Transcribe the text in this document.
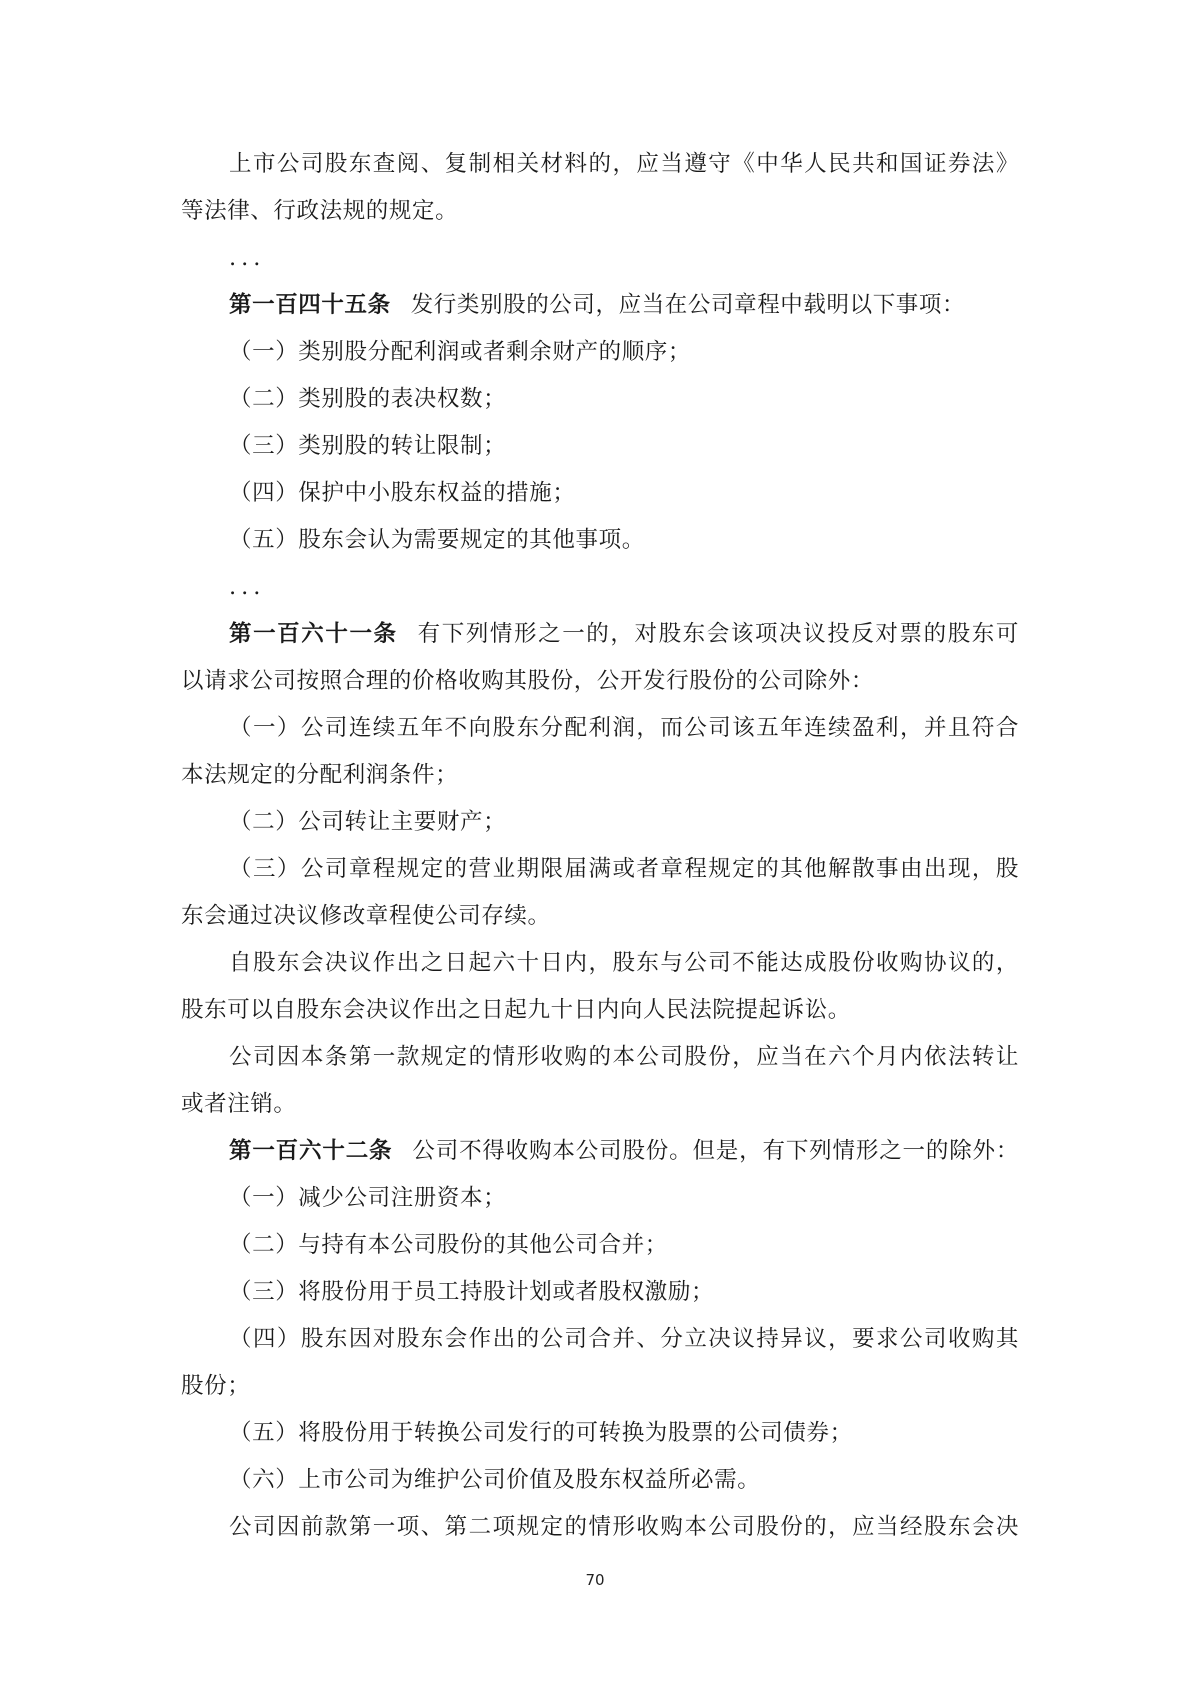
上市公司股东查阅、复制相关材料的，应当遵守《中华人民共和国证券法》
等法律、行政法规的规定。
...
第一百四十五条 发行类别股的公司，应当在公司章程中载明以下事项：
（一）类别股分配利润或者剩余财产的顺序；
（二）类别股的表决权数；
（三）类别股的转让限制；
（四）保护中小股东权益的措施；
（五）股东会认为需要规定的其他事项。
...
第一百六十一条 有下列情形之一的，对股东会该项决议投反对票的股东可
以请求公司按照合理的价格收购其股份，公开发行股份的公司除外：
（一）公司连续五年不向股东分配利润，而公司该五年连续盈利，并且符合
本法规定的分配利润条件；
（二）公司转让主要财产；
（三）公司章程规定的营业期限届满或者章程规定的其他解散事由出现，股
东会通过决议修改章程使公司存续。
自股东会决议作出之日起六十日内，股东与公司不能达成股份收购协议的，
股东可以自股东会决议作出之日起九十日内向人民法院提起诉讼。
公司因本条第一款规定的情形收购的本公司股份，应当在六个月内依法转让
或者注销。
第一百六十二条 公司不得收购本公司股份。但是，有下列情形之一的除外：
（一）减少公司注册资本；
（二）与持有本公司股份的其他公司合并；
（三）将股份用于员工持股计划或者股权激励；
（四）股东因对股东会作出的公司合并、分立决议持异议，要求公司收购其
股份；
（五）将股份用于转换公司发行的可转换为股票的公司债券；
（六）上市公司为维护公司价值及股东权益所必需。
公司因前款第一项、第二项规定的情形收购本公司股份的，应当经股东会决
70
